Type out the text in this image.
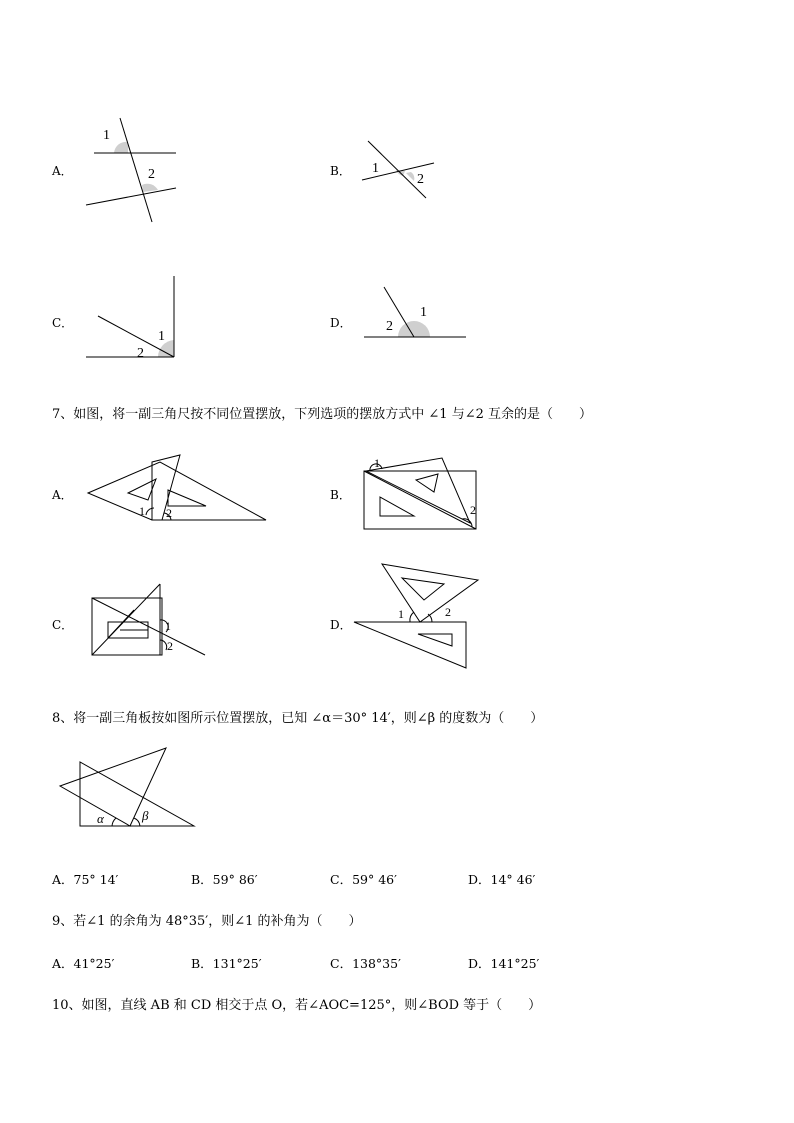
A．
1
2	B． 1
2
C．
1
2
D． 2
1
7、如图，将一副三角尺按不同位置摆放，下列选项的摆放方式中 ∠1 与∠2 互余的是（　　）
A．
1 2
B．
1
2
C．	1
2
D．
1	2
8、将一副三角板按如图所示位置摆放，已知 ∠α＝30° 14′，则∠β 的度数为（　　）
α	β
A．75° 14′	B．59° 86′	C．59° 46′	D．14° 46′
9、若∠1 的余角为 48°35′，则∠1 的补角为（　　）
A．41°25′	B．131°25′	C．138°35′	D．141°25′
10、如图，直线 AB 和 CD 相交于点 O，若∠AOC=125°，则∠BOD 等于（　　）
